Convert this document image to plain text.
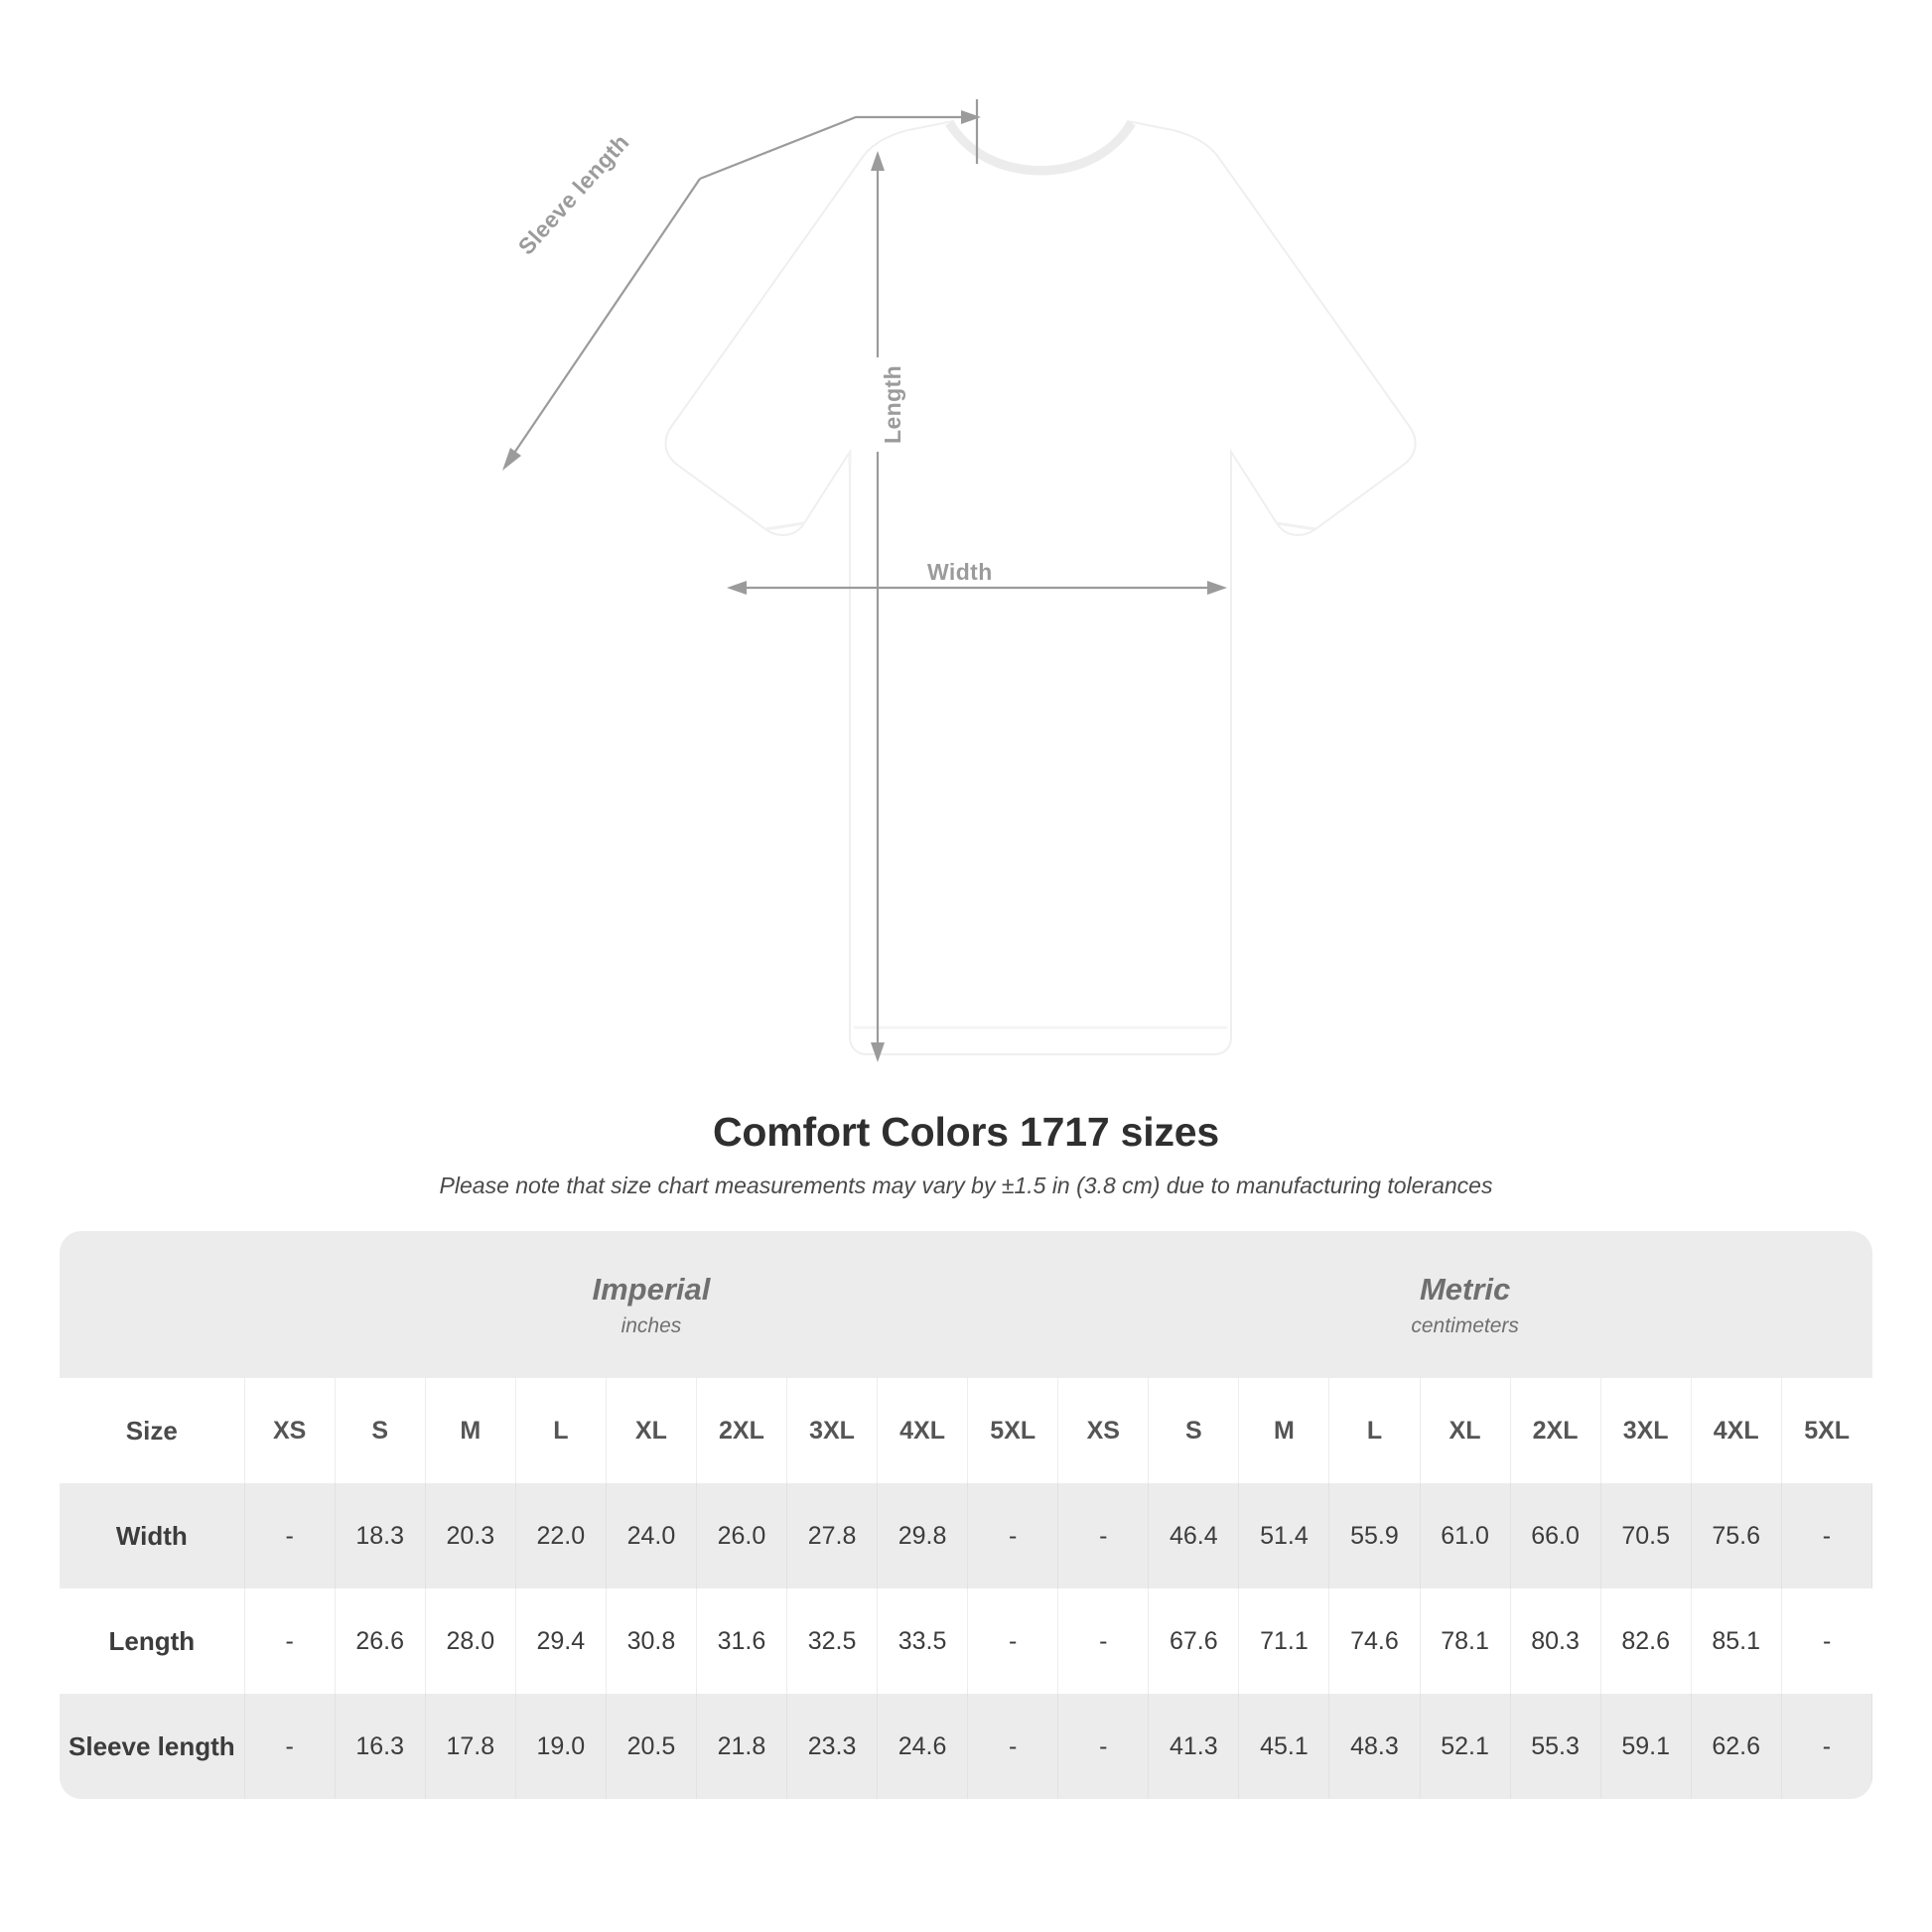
Width
Length
Sleeve length
Comfort Colors 1717 sizes
Please note that size chart measurements may vary by ±1.5 in (3.8 cm) due to manufacturing tolerances

Imperial
inches

Metric
centimeters

Size	XS	S	M	L	XL	2XL	3XL	4XL	5XL	XS	S	M	L	XL	2XL	3XL	4XL	5XL
Width	-	18.3	20.3	22.0	24.0	26.0	27.8	29.8	-	-	46.4	51.4	55.9	61.0	66.0	70.5	75.6	-
Length	-	26.6	28.0	29.4	30.8	31.6	32.5	33.5	-	-	67.6	71.1	74.6	78.1	80.3	82.6	85.1	-
Sleeve length	-	16.3	17.8	19.0	20.5	21.8	23.3	24.6	-	-	41.3	45.1	48.3	52.1	55.3	59.1	62.6	-
